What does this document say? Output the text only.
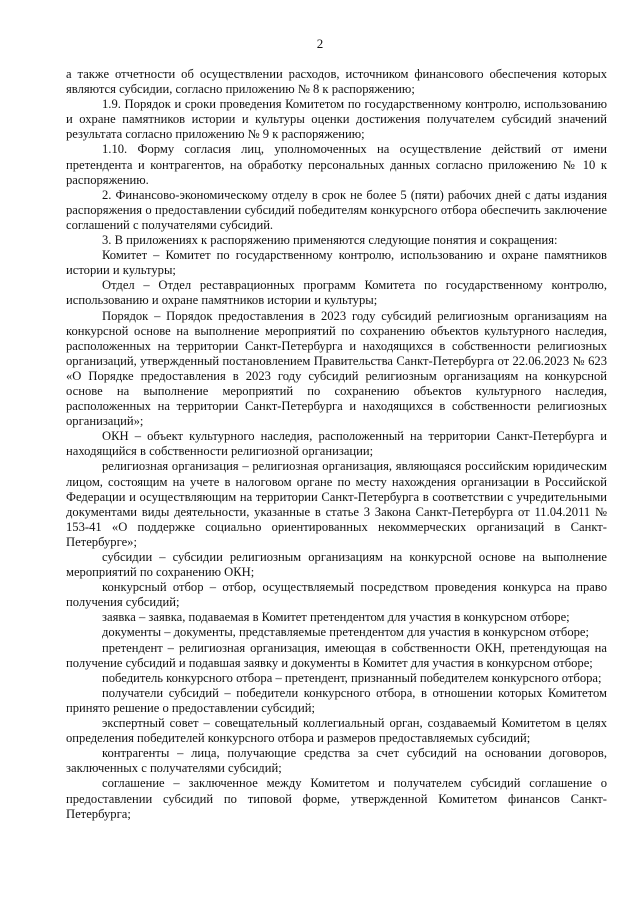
2

а также отчетности об осуществлении расходов, источником финансового обеспечения которых являются субсидии, согласно приложению № 8 к распоряжению;

1.9. Порядок и сроки проведения Комитетом по государственному контролю, использованию и охране памятников истории и культуры оценки достижения получателем субсидий значений результата согласно приложению № 9 к распоряжению;

1.10. Форму согласия лиц, уполномоченных на осуществление действий от имени претендента и контрагентов, на обработку персональных данных согласно приложению № 10 к распоряжению.

2. Финансово-экономическому отделу в срок не более 5 (пяти) рабочих дней с даты издания распоряжения о предоставлении субсидий победителям конкурсного отбора обеспечить заключение соглашений с получателями субсидий.

3. В приложениях к распоряжению применяются следующие понятия и сокращения:

Комитет – Комитет по государственному контролю, использованию и охране памятников истории и культуры;

Отдел – Отдел реставрационных программ Комитета по государственному контролю, использованию и охране памятников истории и культуры;

Порядок – Порядок предоставления в 2023 году субсидий религиозным организациям на конкурсной основе на выполнение мероприятий по сохранению объектов культурного наследия, расположенных на территории Санкт-Петербурга и находящихся в собственности религиозных организаций, утвержденный постановлением Правительства Санкт-Петербурга от 22.06.2023 № 623 «О Порядке предоставления в 2023 году субсидий религиозным организациям на конкурсной основе на выполнение мероприятий по сохранению объектов культурного наследия, расположенных на территории Санкт-Петербурга и находящихся в собственности религиозных организаций»;

ОКН – объект культурного наследия, расположенный на территории Санкт-Петербурга и находящийся в собственности религиозной организации;

религиозная организация – религиозная организация, являющаяся российским юридическим лицом, состоящим на учете в налоговом органе по месту нахождения организации в Российской Федерации и осуществляющим на территории Санкт-Петербурга в соответствии с учредительными документами виды деятельности, указанные в статье 3 Закона Санкт-Петербурга от 11.04.2011 № 153-41 «О поддержке социально ориентированных некоммерческих организаций в Санкт-Петербурге»;

субсидии – субсидии религиозным организациям на конкурсной основе на выполнение мероприятий по сохранению ОКН;

конкурсный отбор – отбор, осуществляемый посредством проведения конкурса на право получения субсидий;

заявка – заявка, подаваемая в Комитет претендентом для участия в конкурсном отборе;

документы – документы, представляемые претендентом для участия в конкурсном отборе;

претендент – религиозная организация, имеющая в собственности ОКН, претендующая на получение субсидий и подавшая заявку и документы в Комитет для участия в конкурсном отборе;

победитель конкурсного отбора – претендент, признанный победителем конкурсного отбора;

получатели субсидий – победители конкурсного отбора, в отношении которых Комитетом принято решение о предоставлении субсидий;

экспертный совет – совещательный коллегиальный орган, создаваемый Комитетом в целях определения победителей конкурсного отбора и размеров предоставляемых субсидий;

контрагенты – лица, получающие средства за счет субсидий на основании договоров, заключенных с получателями субсидий;

соглашение – заключенное между Комитетом и получателем субсидий соглашение о предоставлении субсидий по типовой форме, утвержденной Комитетом финансов Санкт-Петербурга;
